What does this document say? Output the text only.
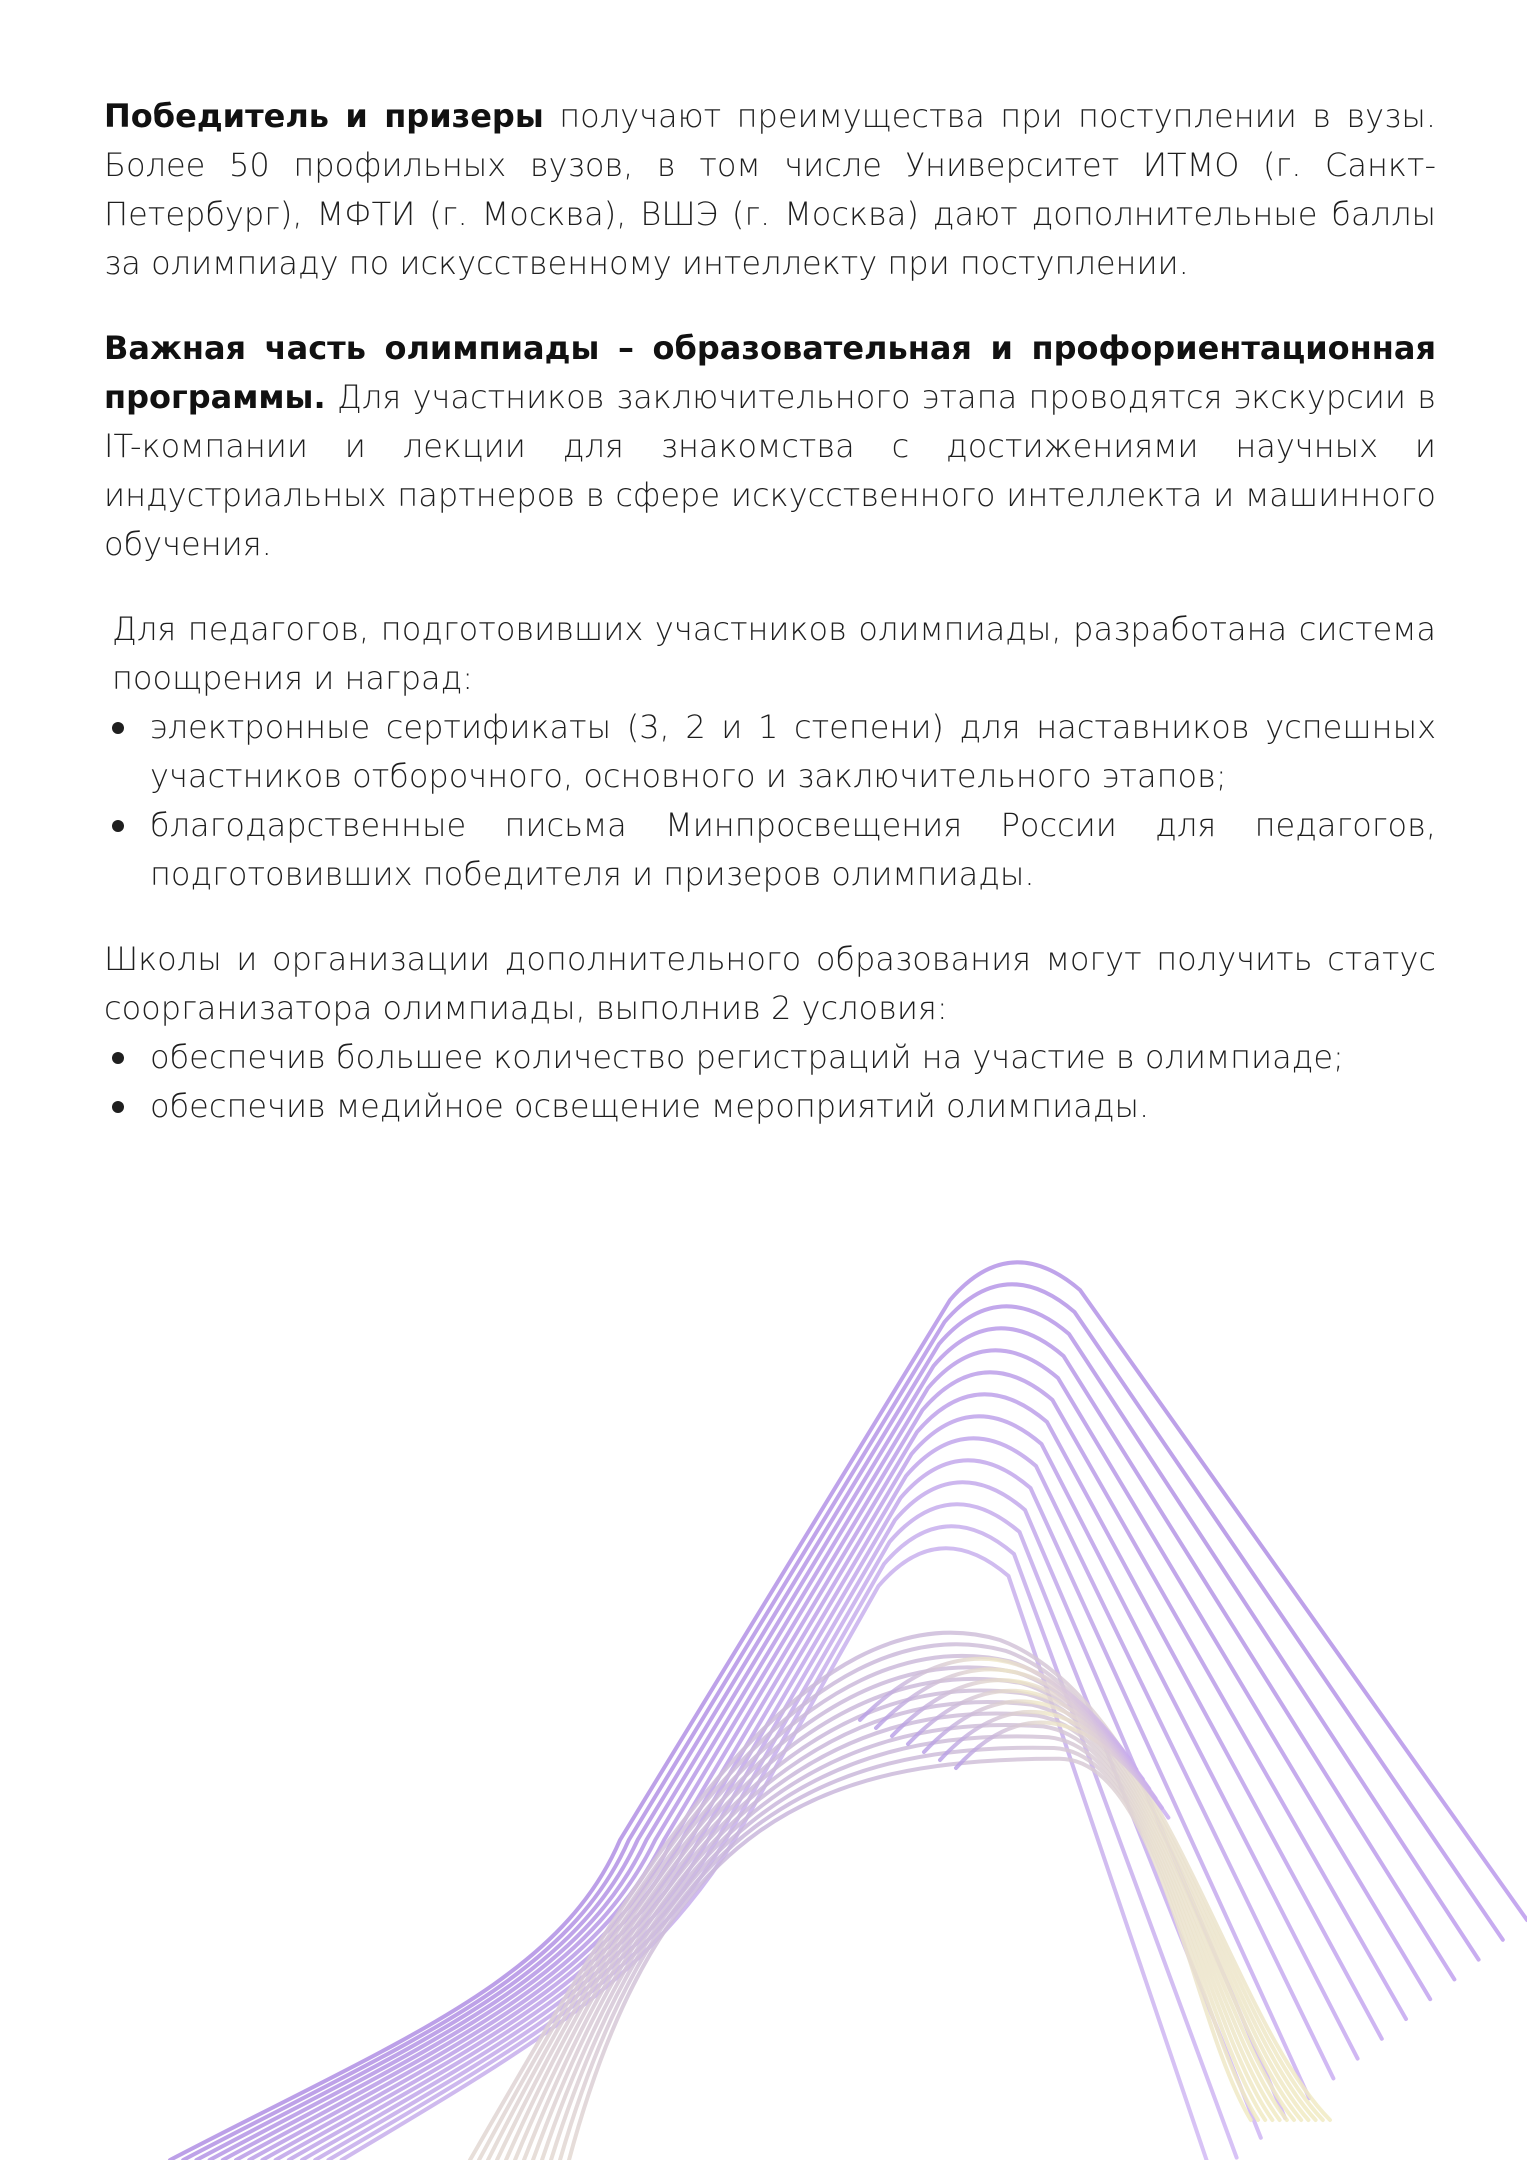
Победитель и призеры получают преимущества при поступлении в вузы. Более 50 профильных вузов, в том числе Университет ИТМО (г. Санкт-Петербург), МФТИ (г. Москва), ВШЭ (г. Москва) дают дополнительные баллы за олимпиаду по искусственному интеллекту при поступлении.

Важная часть олимпиады – образовательная и профориентационная программы. Для участников заключительного этапа проводятся экскурсии в IT-компании и лекции для знакомства с достижениями научных и индустриальных партнеров в сфере искусственного интеллекта и машинного обучения.

Для педагогов, подготовивших участников олимпиады, разработана система поощрения и наград:

электронные сертификаты (3, 2 и 1 степени) для наставников успешных участников отборочного, основного и заключительного этапов;
благодарственные письма Минпросвещения России для педагогов, подготовивших победителя и призеров олимпиады.

Школы и организации дополнительного образования могут получить статус соорганизатора олимпиады, выполнив 2 условия:

обеспечив большее количество регистраций на участие в олимпиаде;
обеспечив медийное освещение мероприятий олимпиады.
